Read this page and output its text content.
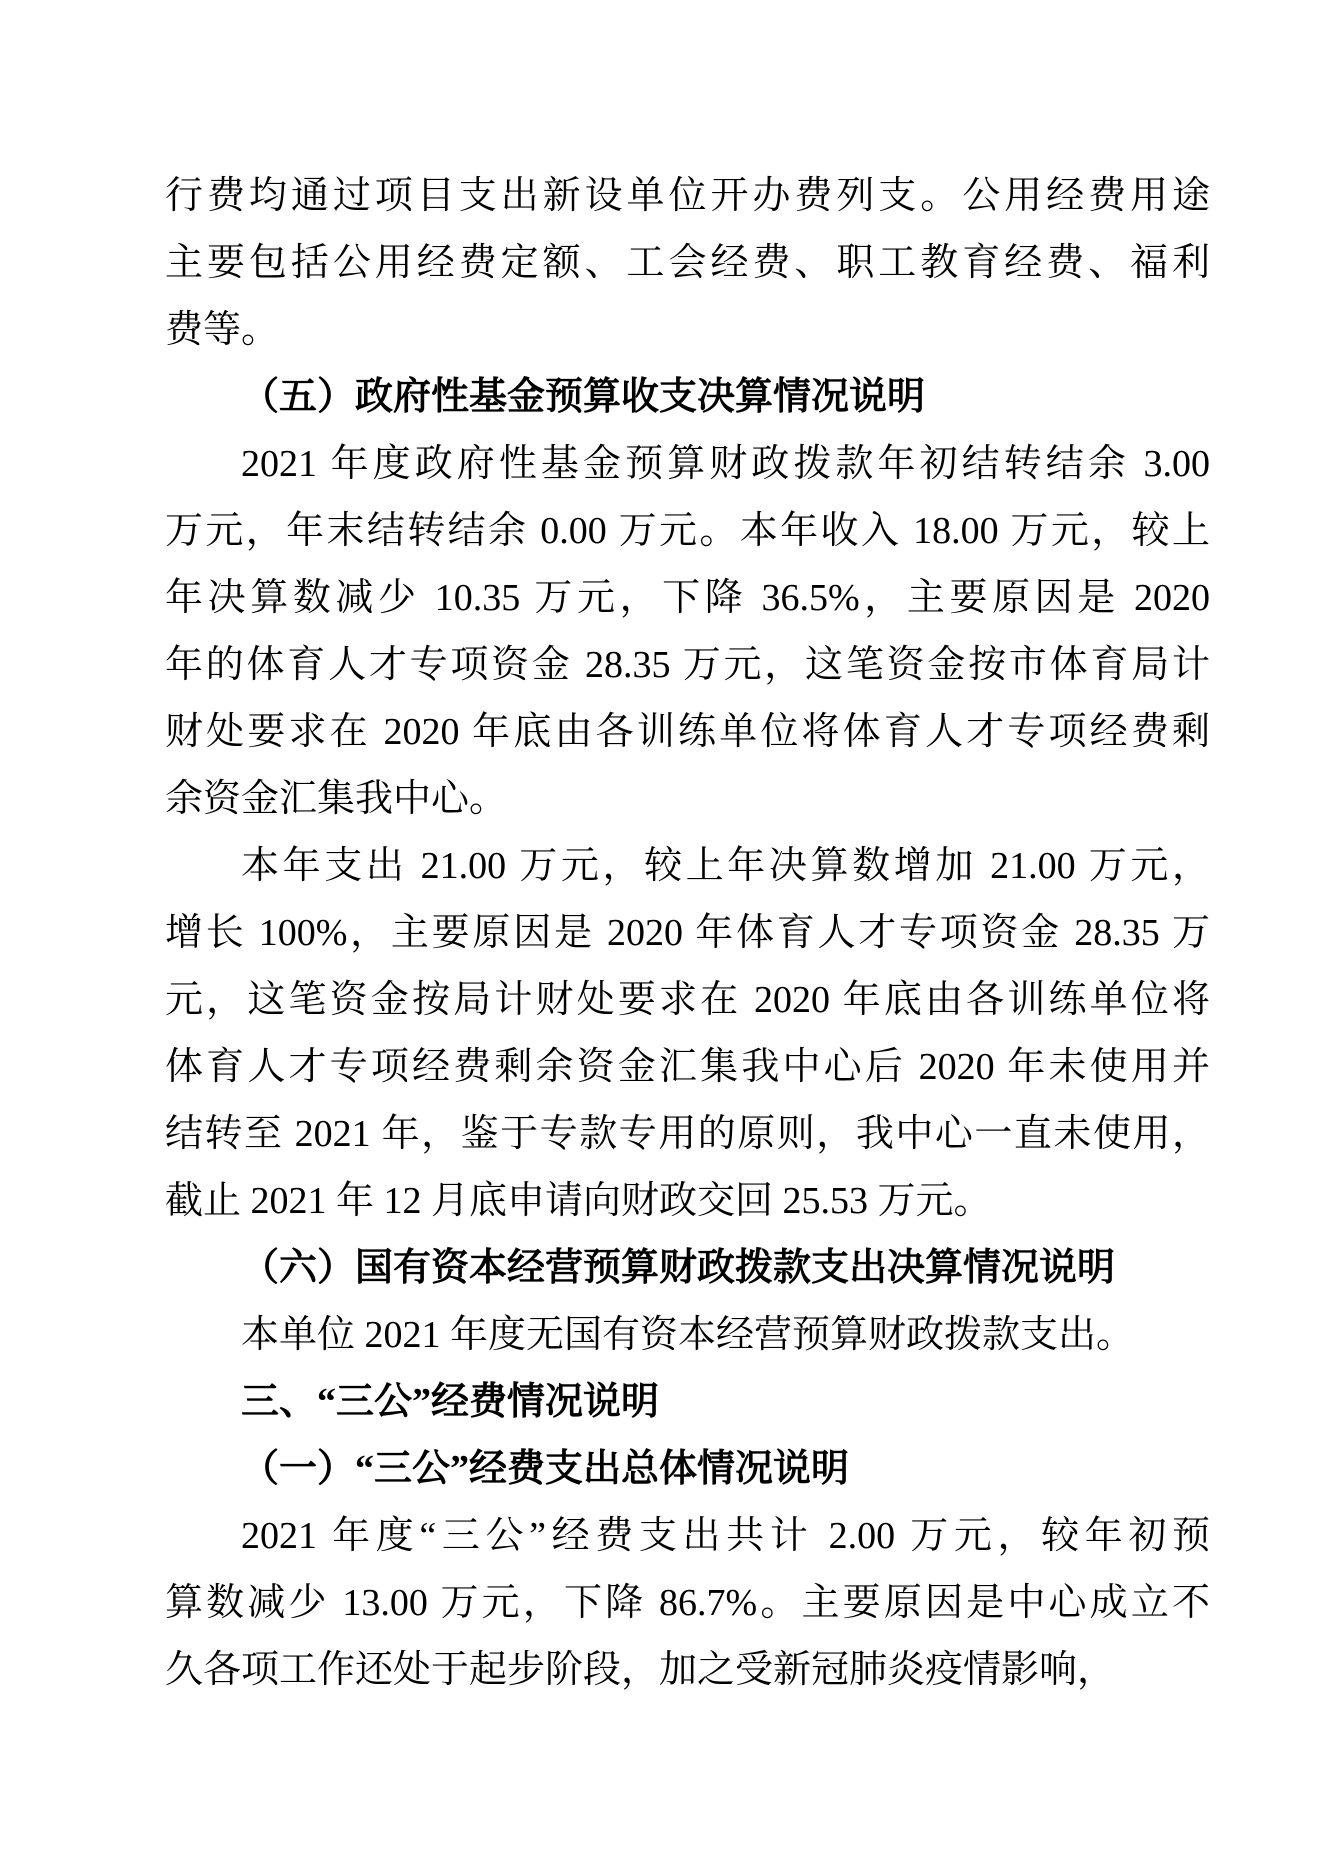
行费均通过项目支出新设单位开办费列支。公用经费用途
主要包括公用经费定额、工会经费、职工教育经费、福利
费等。
（五）政府性基金预算收支决算情况说明
2021 年度政府性基金预算财政拨款年初结转结余 3.00
万元，年末结转结余 0.00 万元。本年收入 18.00 万元，较上
年决算数减少 10.35 万元，下降 36.5%，主要原因是 2020
年的体育人才专项资金 28.35 万元，这笔资金按市体育局计
财处要求在 2020 年底由各训练单位将体育人才专项经费剩
余资金汇集我中心。
本年支出 21.00 万元，较上年决算数增加 21.00 万元，
增长 100%，主要原因是 2020 年体育人才专项资金 28.35 万
元，这笔资金按局计财处要求在 2020 年底由各训练单位将
体育人才专项经费剩余资金汇集我中心后 2020 年未使用并
结转至 2021 年，鉴于专款专用的原则，我中心一直未使用，
截止 2021 年 12 月底申请向财政交回 25.53 万元。
（六）国有资本经营预算财政拨款支出决算情况说明
本单位 2021 年度无国有资本经营预算财政拨款支出。
三、“三公”经费情况说明
（一）“三公”经费支出总体情况说明
2021 年度“三公”经费支出共计 2.00 万元，较年初预
算数减少 13.00 万元，下降 86.7%。主要原因是中心成立不
久各项工作还处于起步阶段，加之受新冠肺炎疫情影响，
